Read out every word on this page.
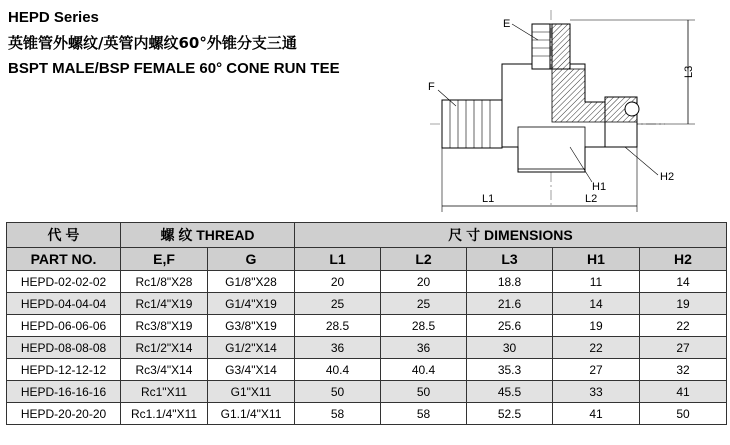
HEPD Series
英锥管外螺纹/英管内螺纹60°外锥分支三通
BSPT MALE/BSP FEMALE 60° CONE RUN TEE	L3
L1	L2
E
F
H1
H2
代 号	螺 纹 THREAD		尺 寸 DIMENSIONS				
PART NO.	E,F	G	L1	L2	L3	H1	H2
HEPD-02-02-02	Rc1/8"X28	G1/8"X28	20	20	18.8	11	14
HEPD-04-04-04	Rc1/4"X19	G1/4"X19	25	25	21.6	14	19
HEPD-06-06-06	Rc3/8"X19	G3/8"X19	28.5	28.5	25.6	19	22
HEPD-08-08-08	Rc1/2"X14	G1/2"X14	36	36	30	22	27
HEPD-12-12-12	Rc3/4"X14	G3/4"X14	40.4	40.4	35.3	27	32
HEPD-16-16-16	Rc1"X11	G1"X11	50	50	45.5	33	41
HEPD-20-20-20	Rc1.1/4"X11	G1.1/4"X11	58	58	52.5	41	50
